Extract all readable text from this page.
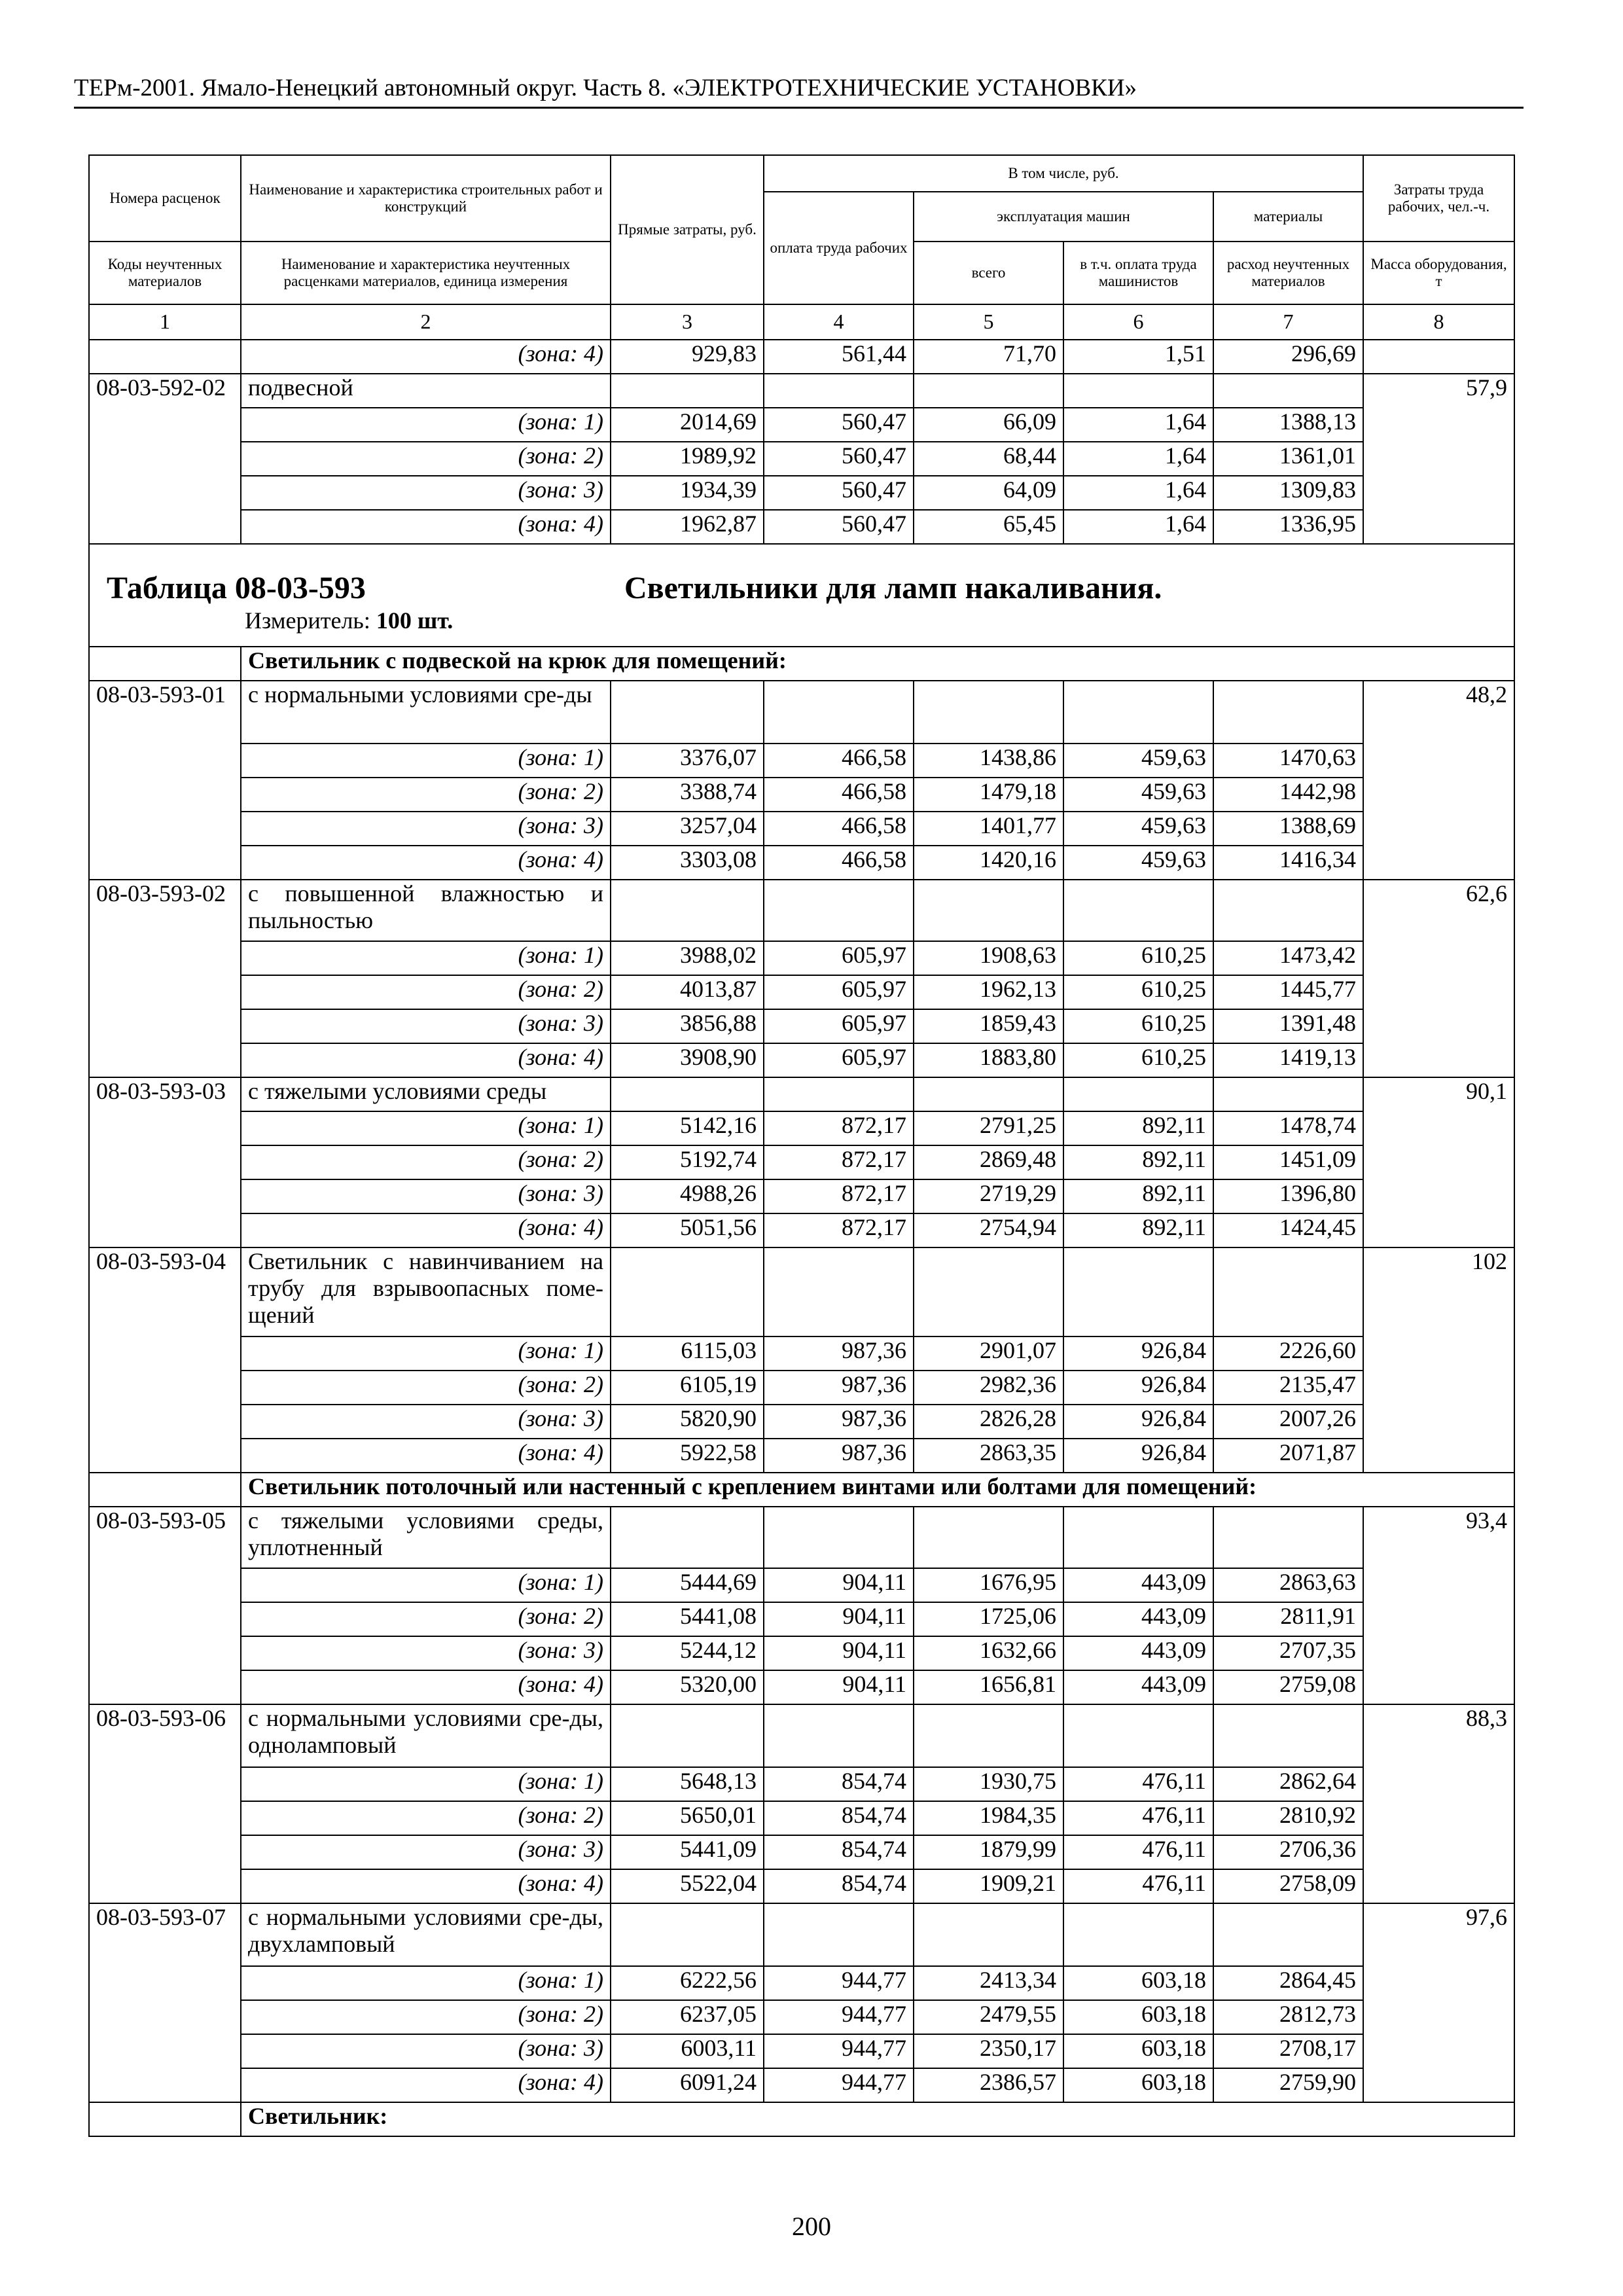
ТЕРм-2001. Ямало-Ненецкий автономный округ. Часть 8. «ЭЛЕКТРОТЕХНИЧЕСКИЕ УСТАНОВКИ»
Номера расценок	Наименование и характеристика строительных работ и конструкций	Прямые затраты, руб.	В том числе, руб.				Затраты труда рабочих, чел.-ч.
			оплата труда рабочих	эксплуатация машин		материалы	
Коды неучтенных материалов	Наименование и характеристика неучтенных расценками материалов, единица измерения			всего	в т.ч. оплата труда машинистов	расход неучтенных материалов	Масса оборудования, т
1	2	3	4	5	6	7	8
	(зона: 4)	929,83	561,44	71,70	1,51	296,69	
08-03-592-02	подвесной						57,9
	(зона: 1)	2014,69	560,47	66,09	1,64	1388,13	
	(зона: 2)	1989,92	560,47	68,44	1,64	1361,01	
	(зона: 3)	1934,39	560,47	64,09	1,64	1309,83	
	(зона: 4)	1962,87	560,47	65,45	1,64	1336,95	

Таблица 08-03-593 Светильники для ламп накаливания.
Измеритель: 100 шт.							

	Светильник с подвеской на крюк для помещений:						
08-03-593-01	с нормальными условиями сре-ды						48,2
	(зона: 1)	3376,07	466,58	1438,86	459,63	1470,63	
	(зона: 2)	3388,74	466,58	1479,18	459,63	1442,98	
	(зона: 3)	3257,04	466,58	1401,77	459,63	1388,69	
	(зона: 4)	3303,08	466,58	1420,16	459,63	1416,34	
08-03-593-02	с повышенной влажностью и пыльностью						62,6
	(зона: 1)	3988,02	605,97	1908,63	610,25	1473,42	
	(зона: 2)	4013,87	605,97	1962,13	610,25	1445,77	
	(зона: 3)	3856,88	605,97	1859,43	610,25	1391,48	
	(зона: 4)	3908,90	605,97	1883,80	610,25	1419,13	
08-03-593-03	с тяжелыми условиями среды						90,1
	(зона: 1)	5142,16	872,17	2791,25	892,11	1478,74	
	(зона: 2)	5192,74	872,17	2869,48	892,11	1451,09	
	(зона: 3)	4988,26	872,17	2719,29	892,11	1396,80	
	(зона: 4)	5051,56	872,17	2754,94	892,11	1424,45	
08-03-593-04	Светильник с навинчиванием на трубу для взрывоопасных поме-щений						102
	(зона: 1)	6115,03	987,36	2901,07	926,84	2226,60	
	(зона: 2)	6105,19	987,36	2982,36	926,84	2135,47	
	(зона: 3)	5820,90	987,36	2826,28	926,84	2007,26	
	(зона: 4)	5922,58	987,36	2863,35	926,84	2071,87	
	Светильник потолочный или настенный с креплением винтами или болтами для помещений:						
08-03-593-05	с тяжелыми условиями среды, уплотненный						93,4
	(зона: 1)	5444,69	904,11	1676,95	443,09	2863,63	
	(зона: 2)	5441,08	904,11	1725,06	443,09	2811,91	
	(зона: 3)	5244,12	904,11	1632,66	443,09	2707,35	
	(зона: 4)	5320,00	904,11	1656,81	443,09	2759,08	
08-03-593-06	с нормальными условиями сре-ды, одноламповый						88,3
	(зона: 1)	5648,13	854,74	1930,75	476,11	2862,64	
	(зона: 2)	5650,01	854,74	1984,35	476,11	2810,92	
	(зона: 3)	5441,09	854,74	1879,99	476,11	2706,36	
	(зона: 4)	5522,04	854,74	1909,21	476,11	2758,09	
08-03-593-07	с нормальными условиями сре-ды, двухламповый						97,6
	(зона: 1)	6222,56	944,77	2413,34	603,18	2864,45	
	(зона: 2)	6237,05	944,77	2479,55	603,18	2812,73	
	(зона: 3)	6003,11	944,77	2350,17	603,18	2708,17	
	(зона: 4)	6091,24	944,77	2386,57	603,18	2759,90	
	Светильник:						
200
